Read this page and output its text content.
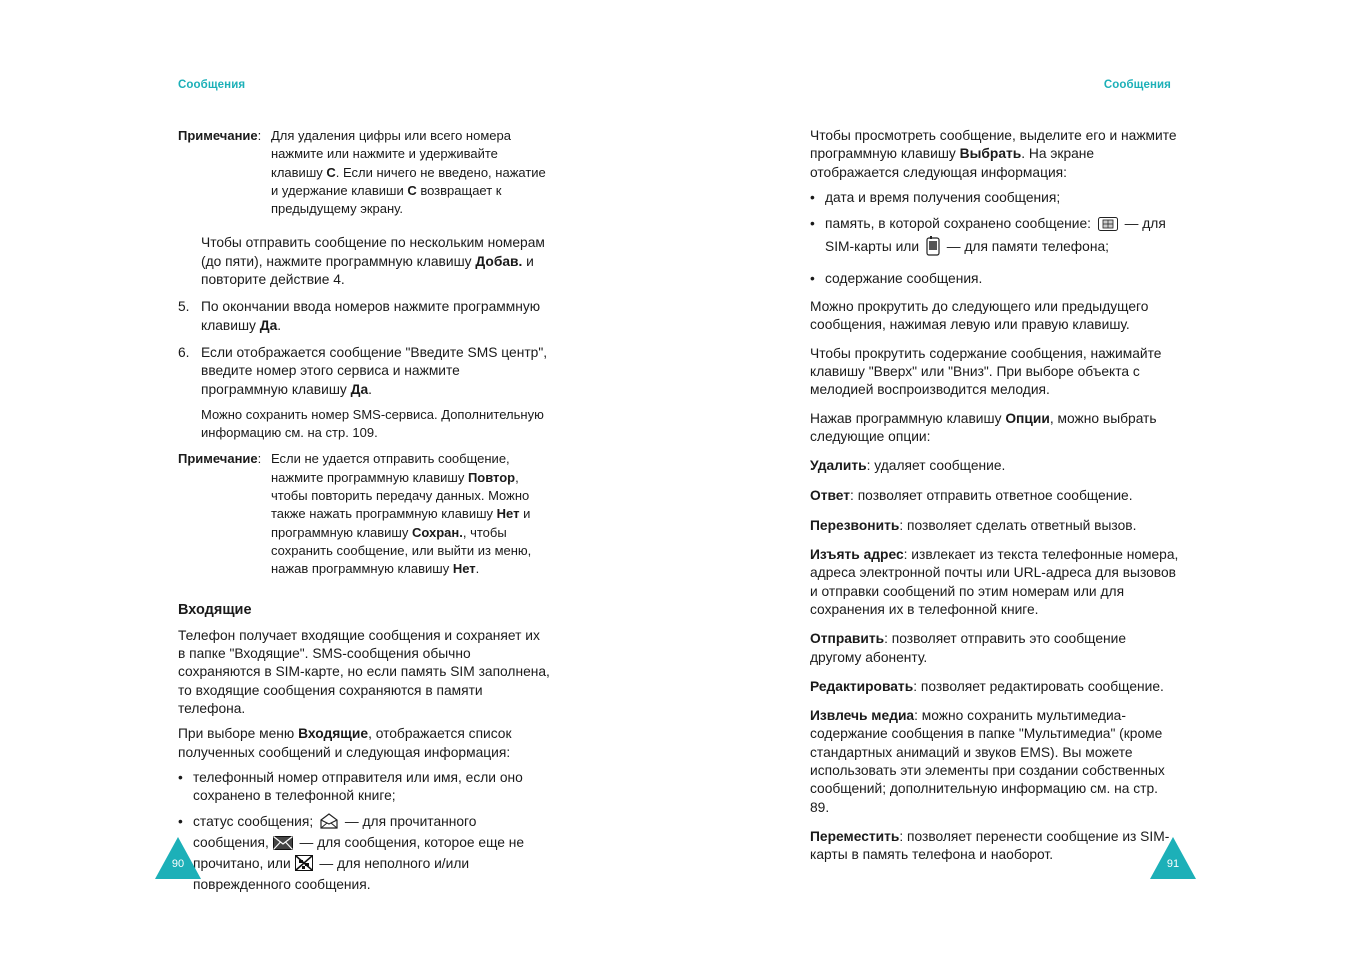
Сообщения
Примечание: Для удаления цифры или всего номера нажмите или нажмите и удерживайте клавишу C. Если ничего не введено, нажатие и удержание клавиши C возвращает к предыдущему экрану.

Чтобы отправить сообщение по нескольким номерам (до пяти), нажмите программную клавишу Добав. и повторите действие 4.

5. По окончании ввода номеров нажмите программную клавишу Да.
6. Если отображается сообщение "Введите SMS центр", введите номер этого сервиса и нажмите программную клавишу Да.

Можно сохранить номер SMS-сервиса. Дополнительную информацию см. на стр. 109.

Примечание: Если не удается отправить сообщение, нажмите программную клавишу Повтор, чтобы повторить передачу данных. Можно также нажать программную клавишу Нет и программную клавишу Сохран., чтобы сохранить сообщение, или выйти из меню, нажав программную клавишу Нет.
Входящие

Телефон получает входящие сообщения и сохраняет их в папке "Входящие". SMS-сообщения обычно сохраняются в SIM-карте, но если память SIM заполнена, то входящие сообщения сохраняются в памяти телефона.

При выборе меню Входящие, отображается список полученных сообщений и следующая информация:

• телефонный номер отправителя или имя, если оно сохранено в телефонной книге;
• статус сообщения;  — для прочитанного сообщения,  — для сообщения, которое еще не прочитано, или  — для неполного и/или поврежденного сообщения.
90
Сообщения

Чтобы просмотреть сообщение, выделите его и нажмите программную клавишу Выбрать. На экране отображается следующая информация:

• дата и время получения сообщения;
• память, в которой сохранено сообщение:  — для SIM-карты или  — для памяти телефона;
• содержание сообщения.

Можно прокрутить до следующего или предыдущего сообщения, нажимая левую или правую клавишу.

Чтобы прокрутить содержание сообщения, нажимайте клавишу "Вверх" или "Вниз". При выборе объекта с мелодией воспроизводится мелодия.

Нажав программную клавишу Опции, можно выбрать следующие опции:

Удалить: удаляет сообщение.

Ответ: позволяет отправить ответное сообщение.

Перезвонить: позволяет сделать ответный вызов.

Изъять адрес: извлекает из текста телефонные номера, адреса электронной почты или URL-адреса для вызовов и отправки сообщений по этим номерам или для сохранения их в телефонной книге.

Отправить: позволяет отправить это сообщение другому абоненту.

Редактировать: позволяет редактировать сообщение.

Извлечь медиа: можно сохранить мультимедиа-содержание сообщения в папке "Мультимедиа" (кроме стандартных анимаций и звуков EMS). Вы можете использовать эти элементы при создании собственных сообщений; дополнительную информацию см. на стр. 89.

Переместить: позволяет перенести сообщение из SIM-карты в память телефона и наоборот.

91
